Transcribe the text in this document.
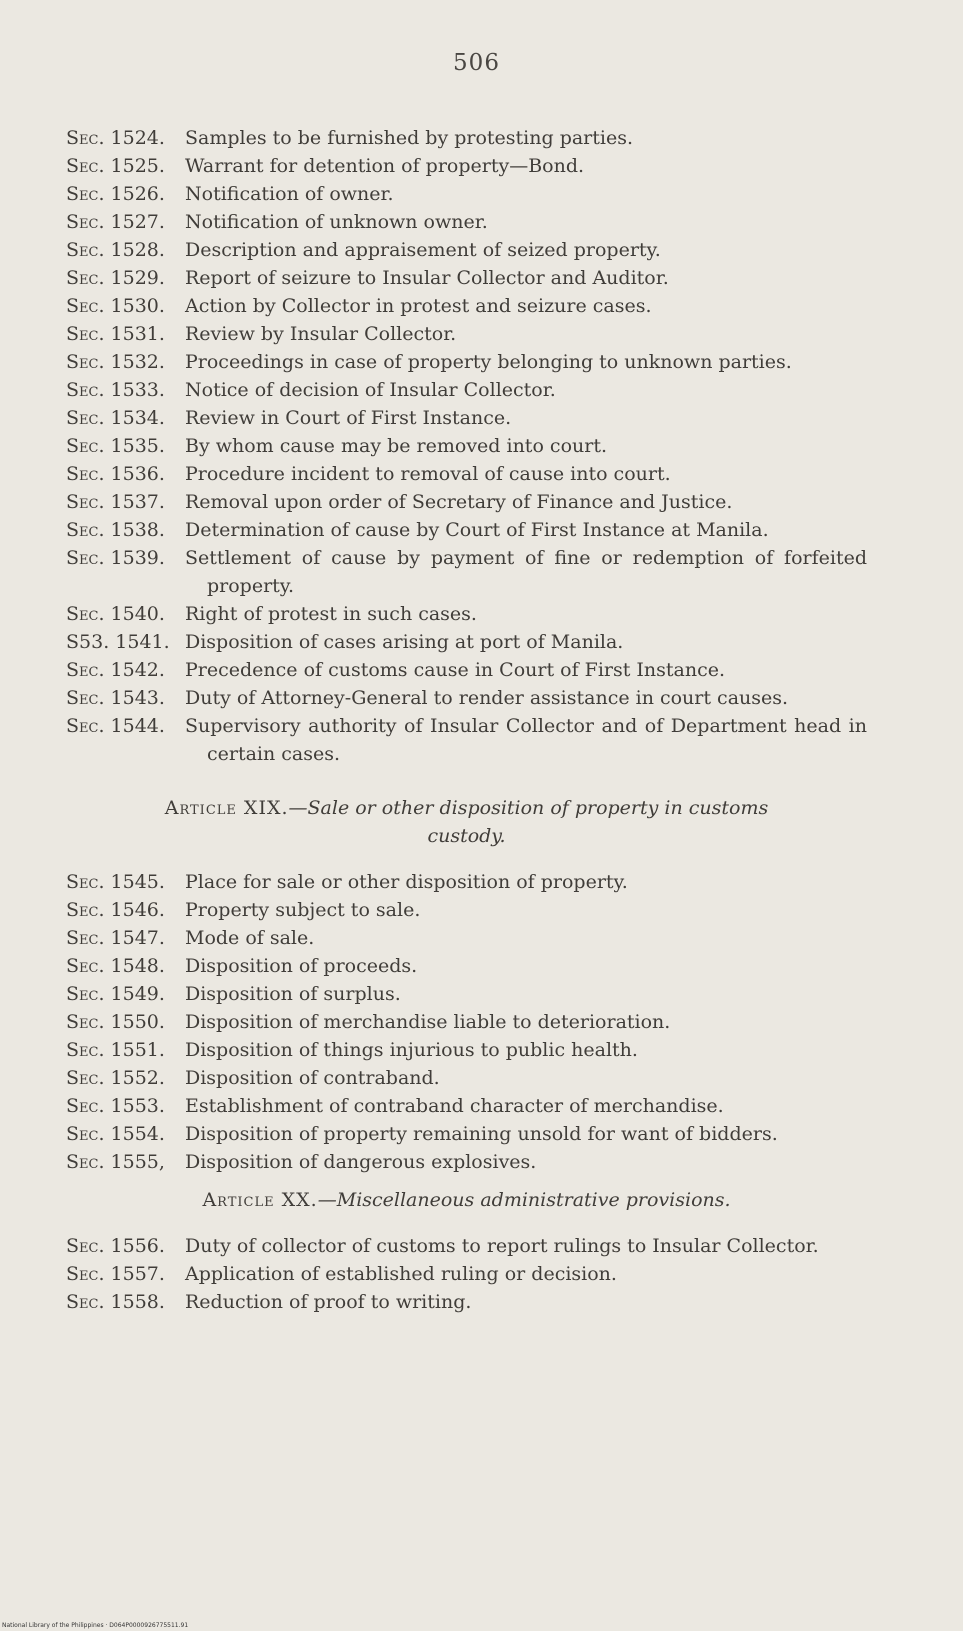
506
Sec. 1524.	Samples to be furnished by protesting parties.
Sec. 1525.	Warrant for detention of property—Bond.
Sec. 1526.	Notification of owner.
Sec. 1527.	Notification of unknown owner.
Sec. 1528.	Description and appraisement of seized property.
Sec. 1529.	Report of seizure to Insular Collector and Auditor.
Sec. 1530.	Action by Collector in protest and seizure cases.
Sec. 1531.	Review by Insular Collector.
Sec. 1532.	Proceedings in case of property belonging to unknown parties.
Sec. 1533.	Notice of decision of Insular Collector.
Sec. 1534.	Review in Court of First Instance.
Sec. 1535.	By whom cause may be removed into court.
Sec. 1536.	Procedure incident to removal of cause into court.
Sec. 1537.	Removal upon order of Secretary of Finance and Justice.
Sec. 1538.	Determination of cause by Court of First Instance at Manila.
Sec. 1539.	Settlement of cause by payment of fine or redemption of forfeited property.
Sec. 1540.	Right of protest in such cases.
S53. 1541. Disposition of cases arising at port of Manila.
Sec. 1542.	Precedence of customs cause in Court of First Instance.
Sec. 1543.	Duty of Attorney-General to render assistance in court causes.
Sec. 1544.	Supervisory authority of Insular Collector and of Department head in certain cases.
Article XIX.—Sale or other disposition of property in customs custody.
Sec. 1545.	Place for sale or other disposition of property.
Sec. 1546.	Property subject to sale.
Sec. 1547.	Mode of sale.
Sec. 1548.	Disposition of proceeds.
Sec. 1549.	Disposition of surplus.
Sec. 1550.	Disposition of merchandise liable to deterioration.
Sec. 1551.	Disposition of things injurious to public health.
Sec. 1552.	Disposition of contraband.
Sec. 1553.	Establishment of contraband character of merchandise.
Sec. 1554.	Disposition of property remaining unsold for want of bidders.
Sec. 1555,	Disposition of dangerous explosives.
Article XX.—Miscellaneous administrative provisions.
Sec. 1556.	Duty of collector of customs to report rulings to Insular Collector.
Sec. 1557.	Application of established ruling or decision.
Sec. 1558.	Reduction of proof to writing.
National Library of the Philippines · D064P0000926775511.91
